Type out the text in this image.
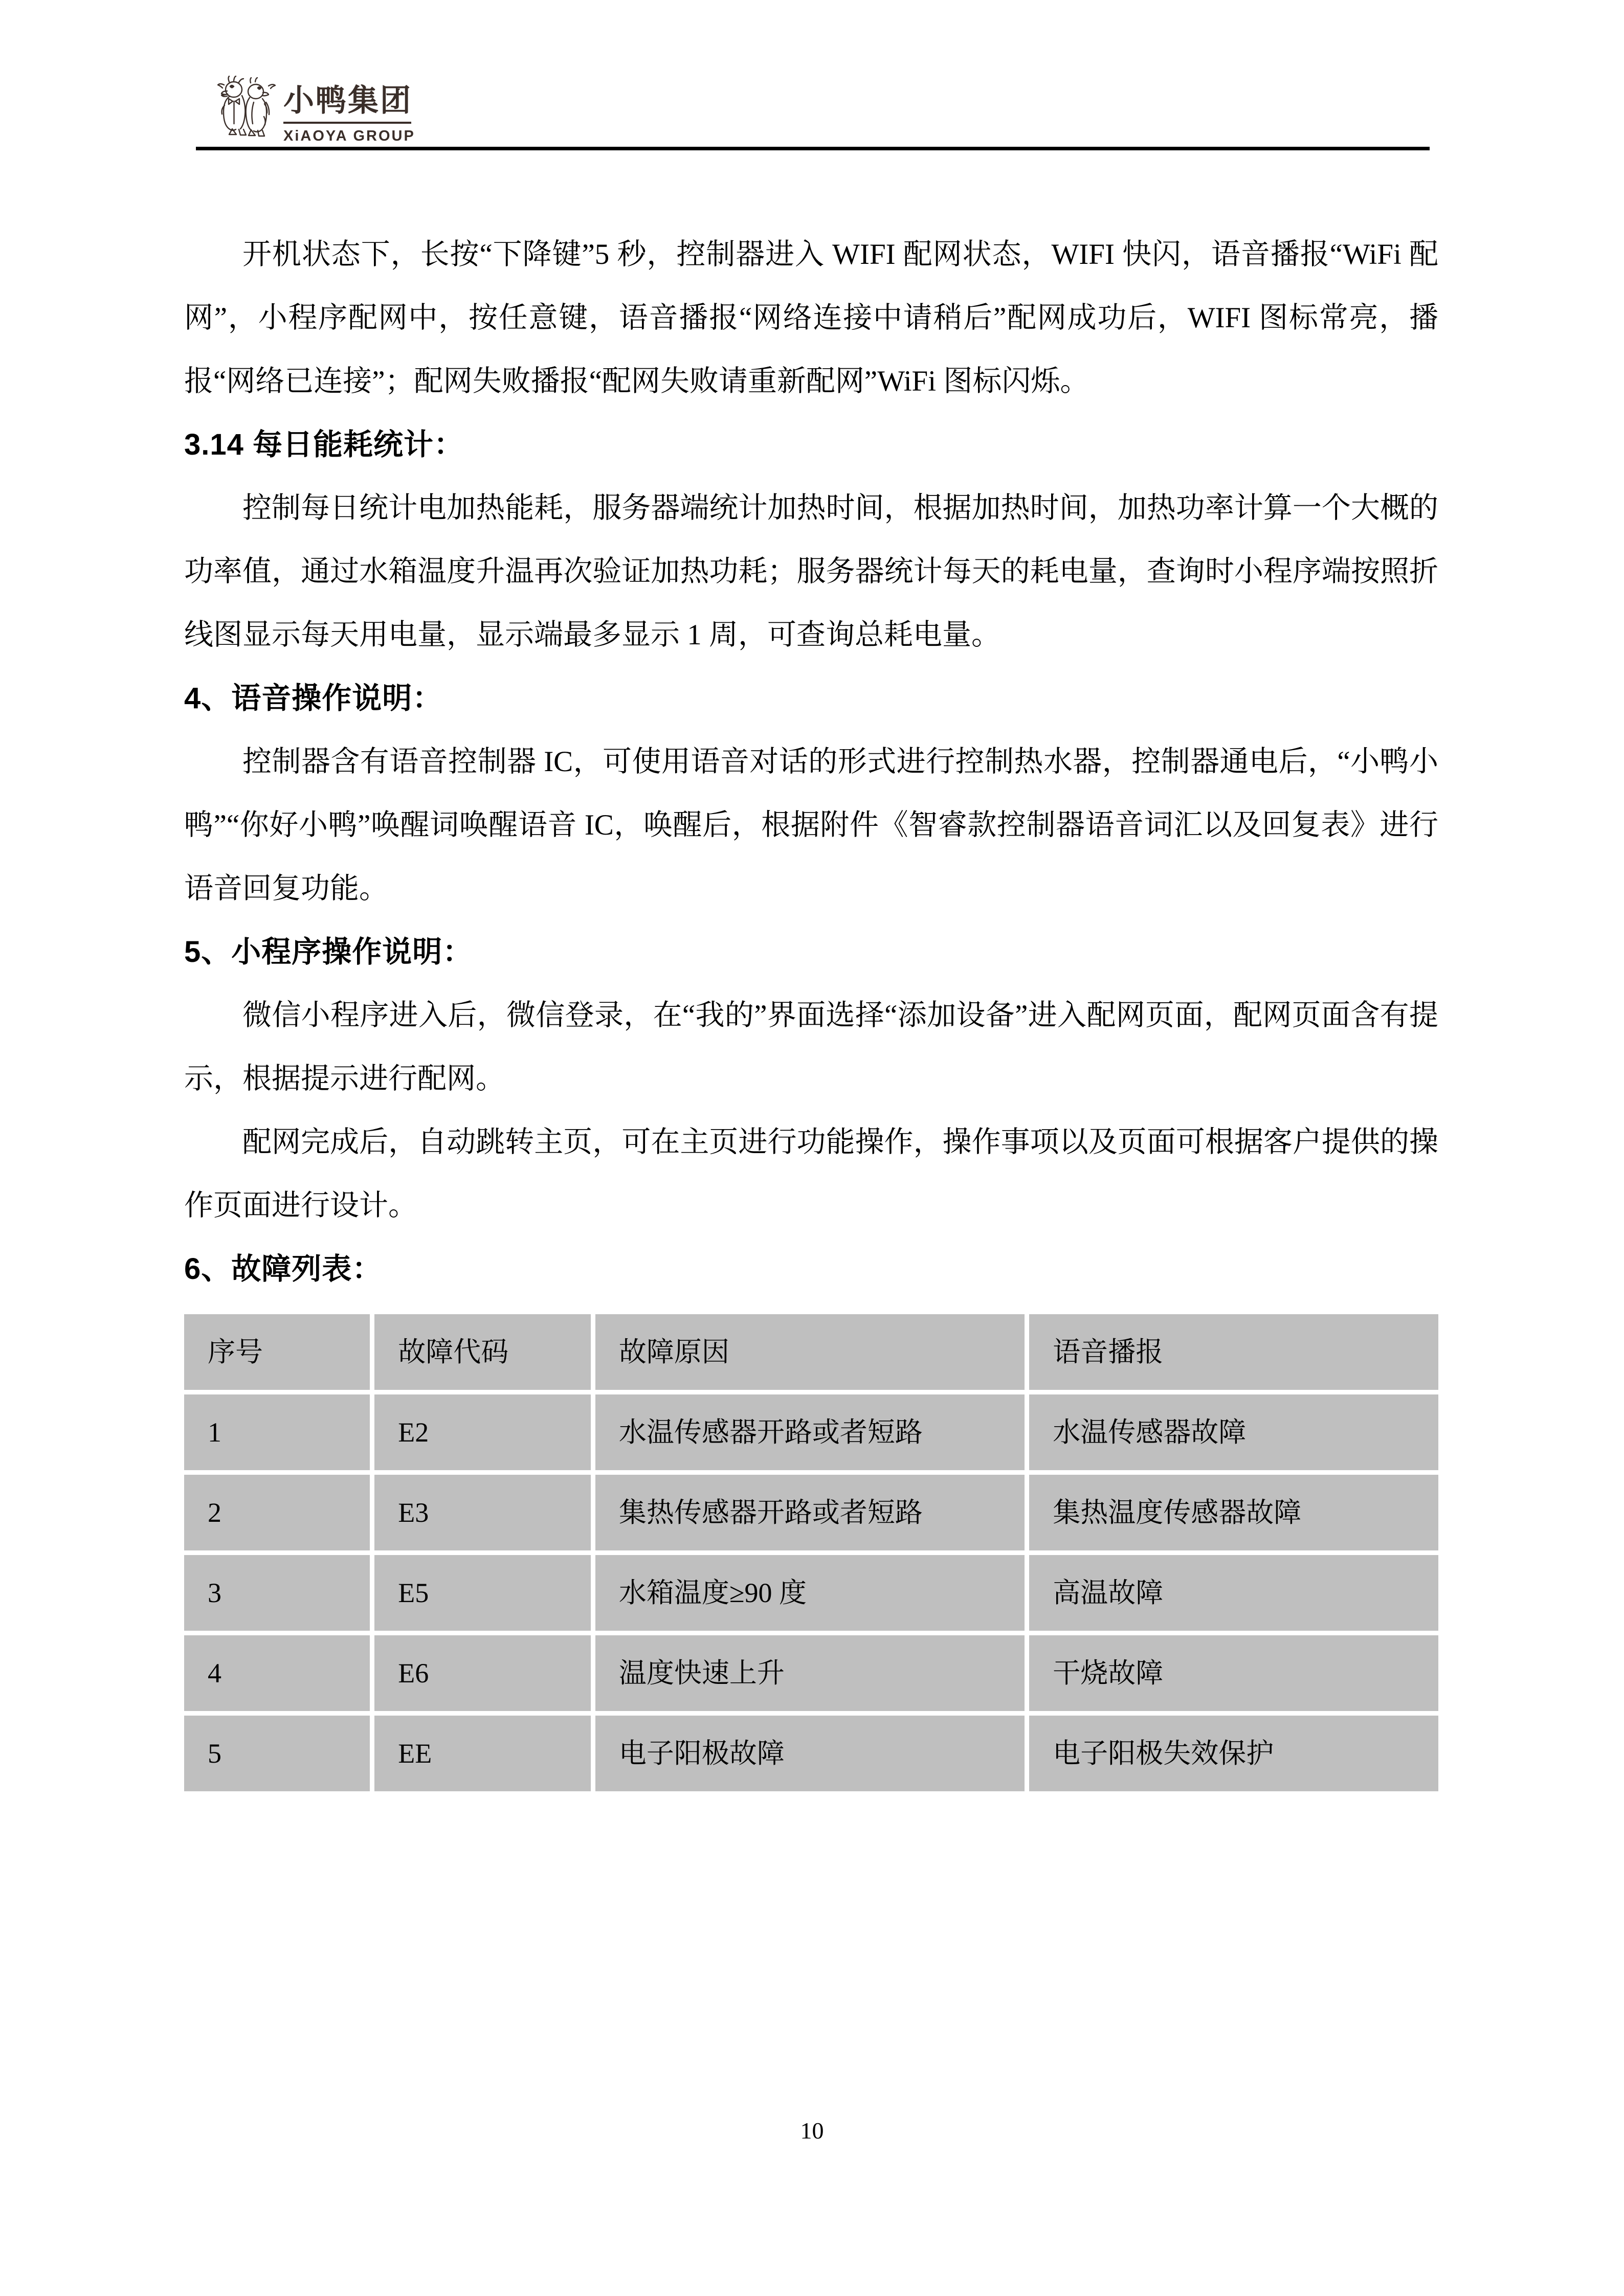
小鸭集团
XiAOYA GROUP

开机状态下，长按“下降键”5 秒，控制器进入 WIFI 配网状态，WIFI 快闪，语音播报“WiFi 配网”，小程序配网中，按任意键，语音播报“网络连接中请稍后”配网成功后，WIFI 图标常亮，播报“网络已连接”；配网失败播报“配网失败请重新配网”WiFi 图标闪烁。

3.14 每日能耗统计：

控制每日统计电加热能耗，服务器端统计加热时间，根据加热时间，加热功率计算一个大概的功率值，通过水箱温度升温再次验证加热功耗；服务器统计每天的耗电量，查询时小程序端按照折线图显示每天用电量，显示端最多显示 1 周，可查询总耗电量。

4、语音操作说明：

控制器含有语音控制器 IC，可使用语音对话的形式进行控制热水器，控制器通电后，“小鸭小鸭”“你好小鸭”唤醒词唤醒语音 IC，唤醒后，根据附件《智睿款控制器语音词汇以及回复表》进行语音回复功能。

5、小程序操作说明：

微信小程序进入后，微信登录，在“我的”界面选择“添加设备”进入配网页面，配网页面含有提示，根据提示进行配网。

配网完成后，自动跳转主页，可在主页进行功能操作，操作事项以及页面可根据客户提供的操作页面进行设计。

6、故障列表：
序号	故障代码	故障原因	语音播报
1	E2	水温传感器开路或者短路	水温传感器故障
2	E3	集热传感器开路或者短路	集热温度传感器故障
3	E5	水箱温度≥90 度	高温故障
4	E6	温度快速上升	干烧故障
5	EE	电子阳极故障	电子阳极失效保护
10
